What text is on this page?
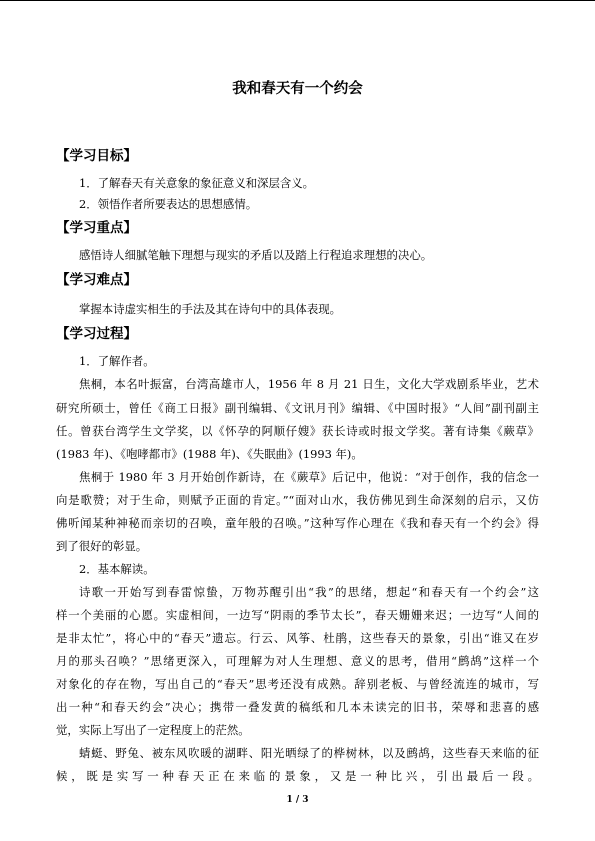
我和春天有一个约会
【学习目标】

1．了解春天有关意象的象征意义和深层含义。

2．领悟作者所要表达的思想感情。

【学习重点】

感悟诗人细腻笔触下理想与现实的矛盾以及踏上行程追求理想的决心。

【学习难点】

掌握本诗虚实相生的手法及其在诗句中的具体表现。

【学习过程】

1．了解作者。

焦桐，本名叶振富，台湾高雄市人，1956 年 8 月 21 日生，文化大学戏剧系毕业，艺术

研究所硕士，曾任《商工日报》副刊编辑、《文讯月刊》编辑、《中国时报》“人间”副刊副主

任。曾获台湾学生文学奖，以《怀孕的阿顺仔嫂》获长诗或时报文学奖。著有诗集《蕨草》

(1983 年)、《咆哮都市》(1988 年)、《失眠曲》(1993 年)。

焦桐于 1980 年 3 月开始创作新诗，在《蕨草》后记中，他说：“对于创作，我的信念一

向是歌赞；对于生命，则赋予正面的肯定。”“面对山水，我仿佛见到生命深刻的启示，又仿

佛听闻某种神秘而亲切的召唤，童年般的召唤。”这种写作心理在《我和春天有一个约会》得

到了很好的彰显。

2．基本解读。

诗歌一开始写到春雷惊蛰，万物苏醒引出“我”的思绪，想起“和春天有一个约会”这

样一个美丽的心愿。实虚相间，一边写“阴雨的季节太长”，春天姗姗来迟；一边写“人间的

是非太忙”，将心中的“春天”遗忘。行云、风筝、杜鹃，这些春天的景象，引出“谁又在岁

月的那头召唤？”思绪更深入，可理解为对人生理想、意义的思考，借用“鹧鸪”这样一个

对象化的存在物，写出自己的“春天”思考还没有成熟。辞别老板、与曾经流连的城市，写

出一种“和春天约会”决心；携带一叠发黄的稿纸和几本未读完的旧书，荣辱和悲喜的感

觉，实际上写出了一定程度上的茫然。

蜻蜓、野兔、被东风吹暖的湖畔、阳光晒绿了的桦树林，以及鹧鸪，这些春天来临的征

候，既是实写一种春天正在来临的景象，又是一种比兴，引出最后一段。

1 / 3
